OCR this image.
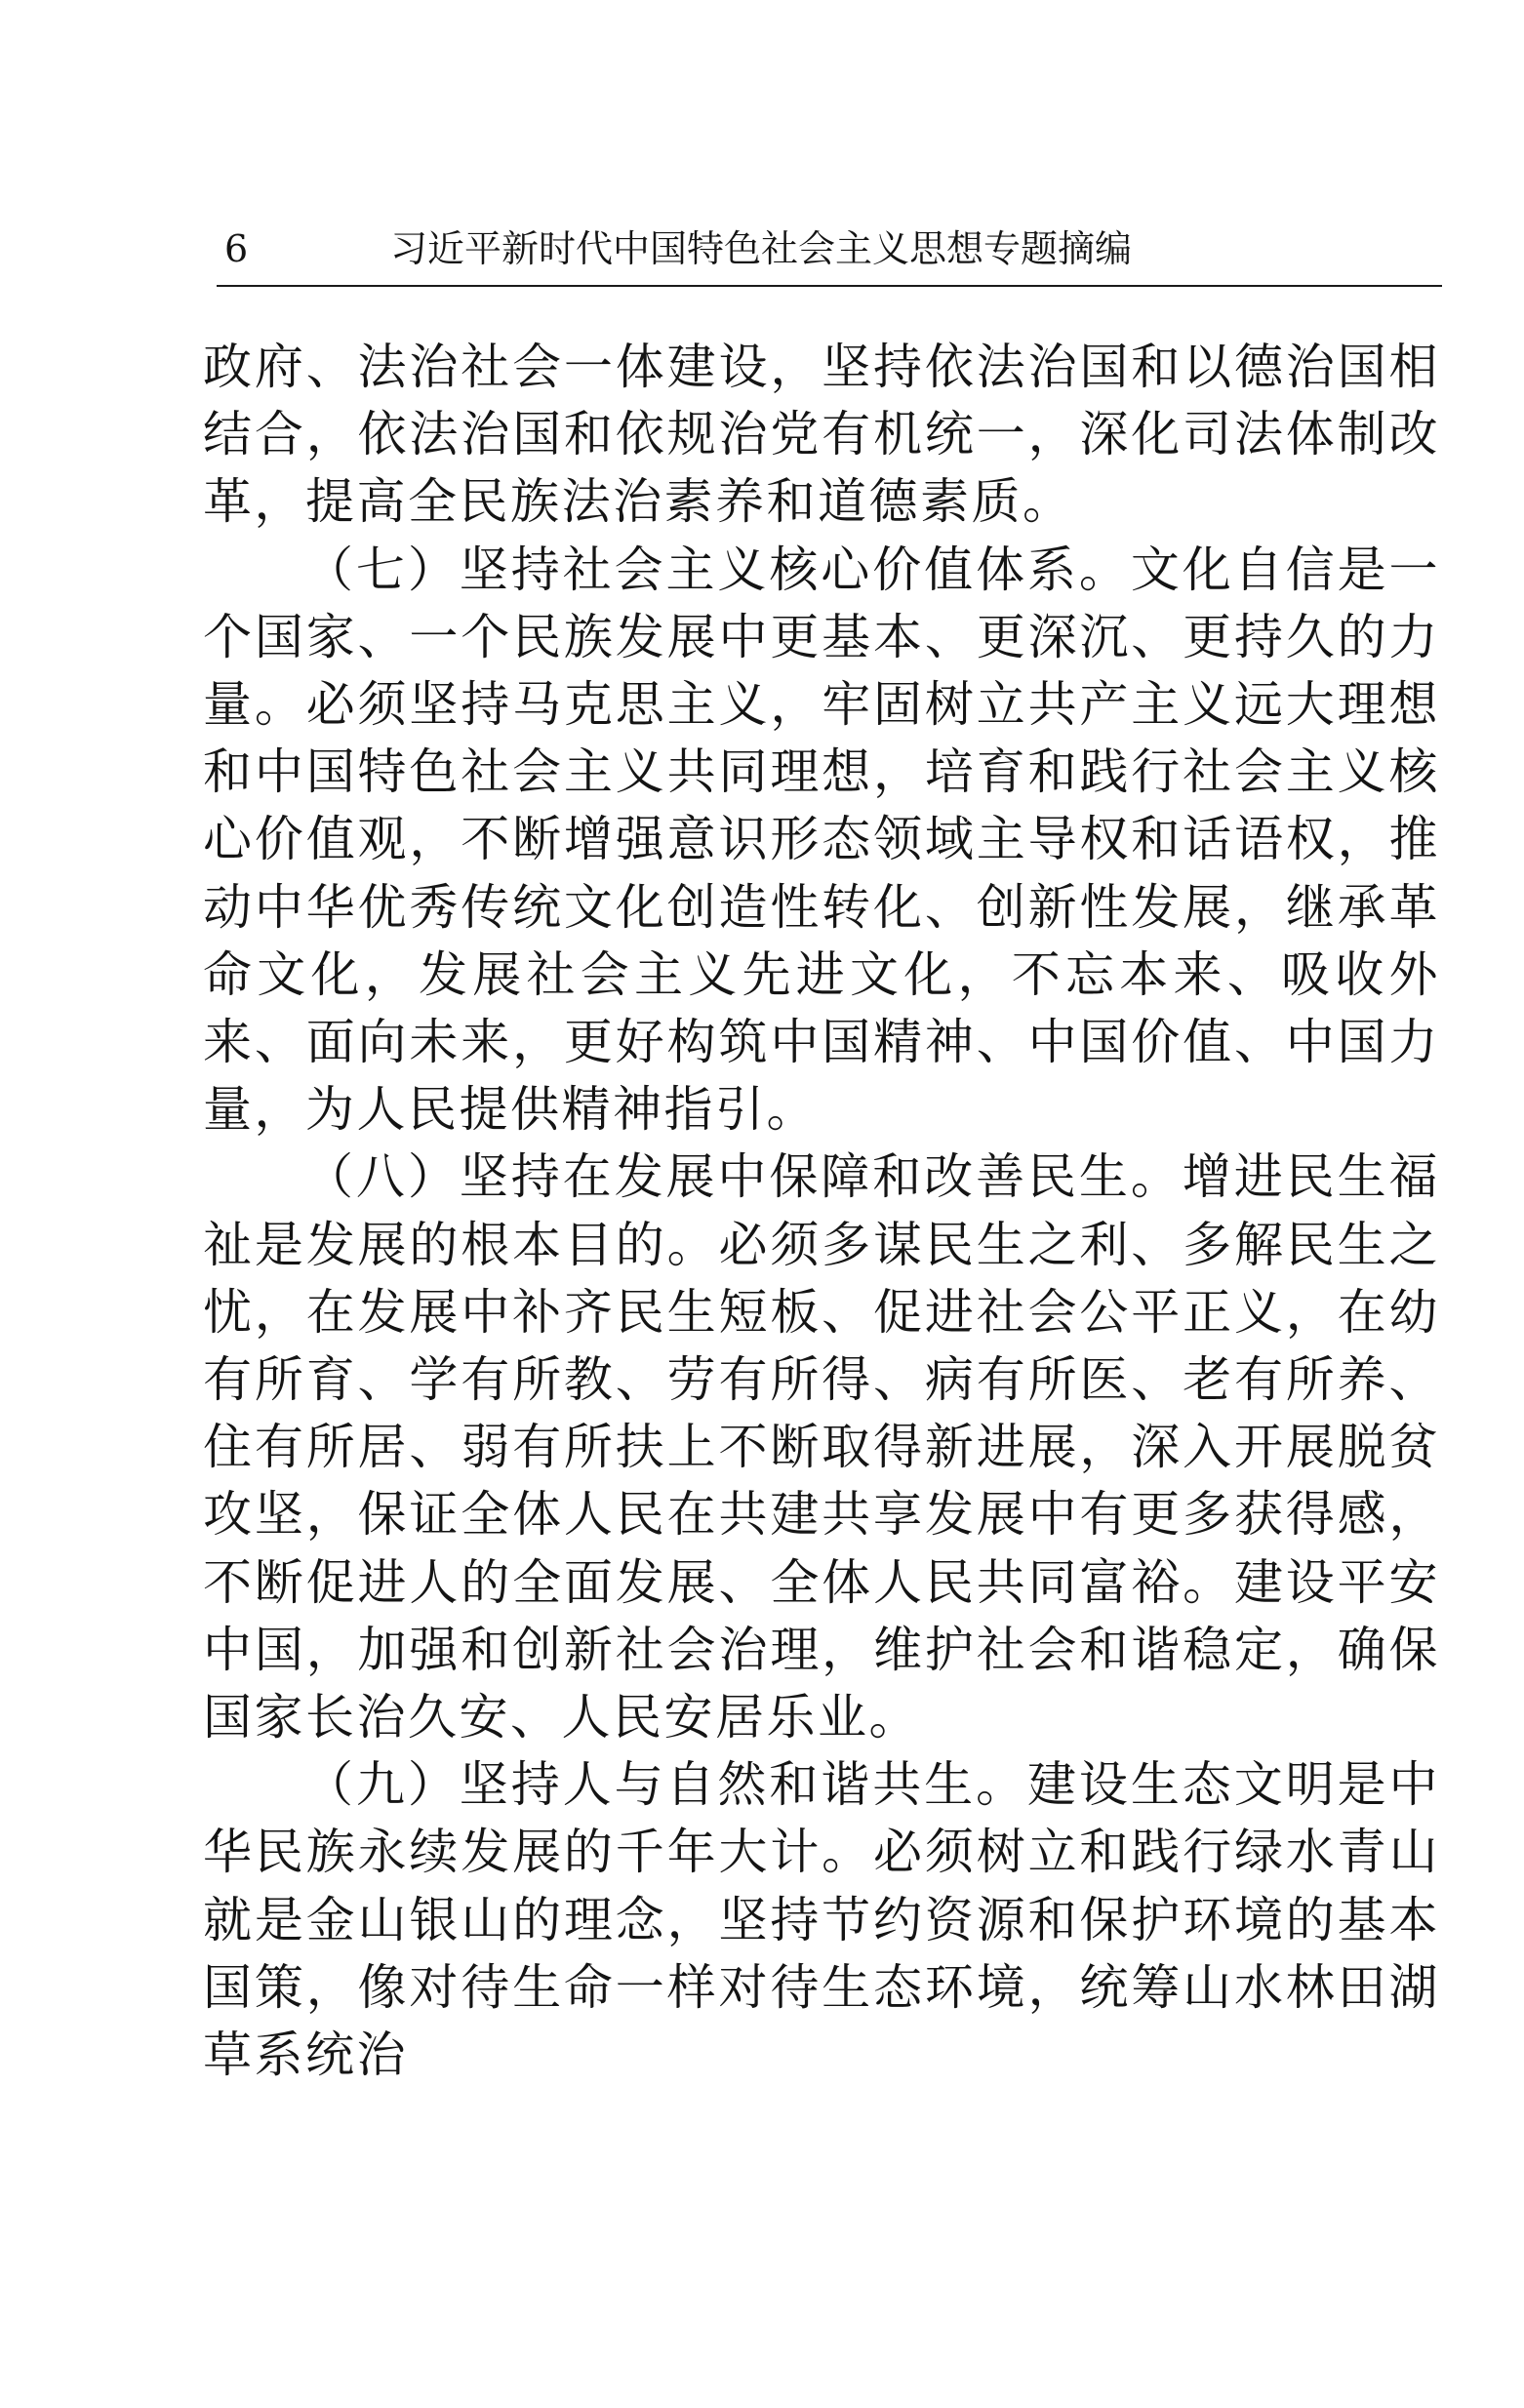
6	习近平新时代中国特色社会主义思想专题摘编

政府、法治社会一体建设，坚持依法治国和以德治国相结合，依法治国和依规治党有机统一，深化司法体制改革，提高全民族法治素养和道德素质。

（七）坚持社会主义核心价值体系。文化自信是一个国家、一个民族发展中更基本、更深沉、更持久的力量。必须坚持马克思主义，牢固树立共产主义远大理想和中国特色社会主义共同理想，培育和践行社会主义核心价值观，不断增强意识形态领域主导权和话语权，推动中华优秀传统文化创造性转化、创新性发展，继承革命文化，发展社会主义先进文化，不忘本来、吸收外来、面向未来，更好构筑中国精神、中国价值、中国力量，为人民提供精神指引。

（八）坚持在发展中保障和改善民生。增进民生福祉是发展的根本目的。必须多谋民生之利、多解民生之忧，在发展中补齐民生短板、促进社会公平正义，在幼有所育、学有所教、劳有所得、病有所医、老有所养、住有所居、弱有所扶上不断取得新进展，深入开展脱贫攻坚，保证全体人民在共建共享发展中有更多获得感，不断促进人的全面发展、全体人民共同富裕。建设平安中国，加强和创新社会治理，维护社会和谐稳定，确保国家长治久安、人民安居乐业。

（九）坚持人与自然和谐共生。建设生态文明是中华民族永续发展的千年大计。必须树立和践行绿水青山就是金山银山的理念，坚持节约资源和保护环境的基本国策，像对待生命一样对待生态环境，统筹山水林田湖草系统治
